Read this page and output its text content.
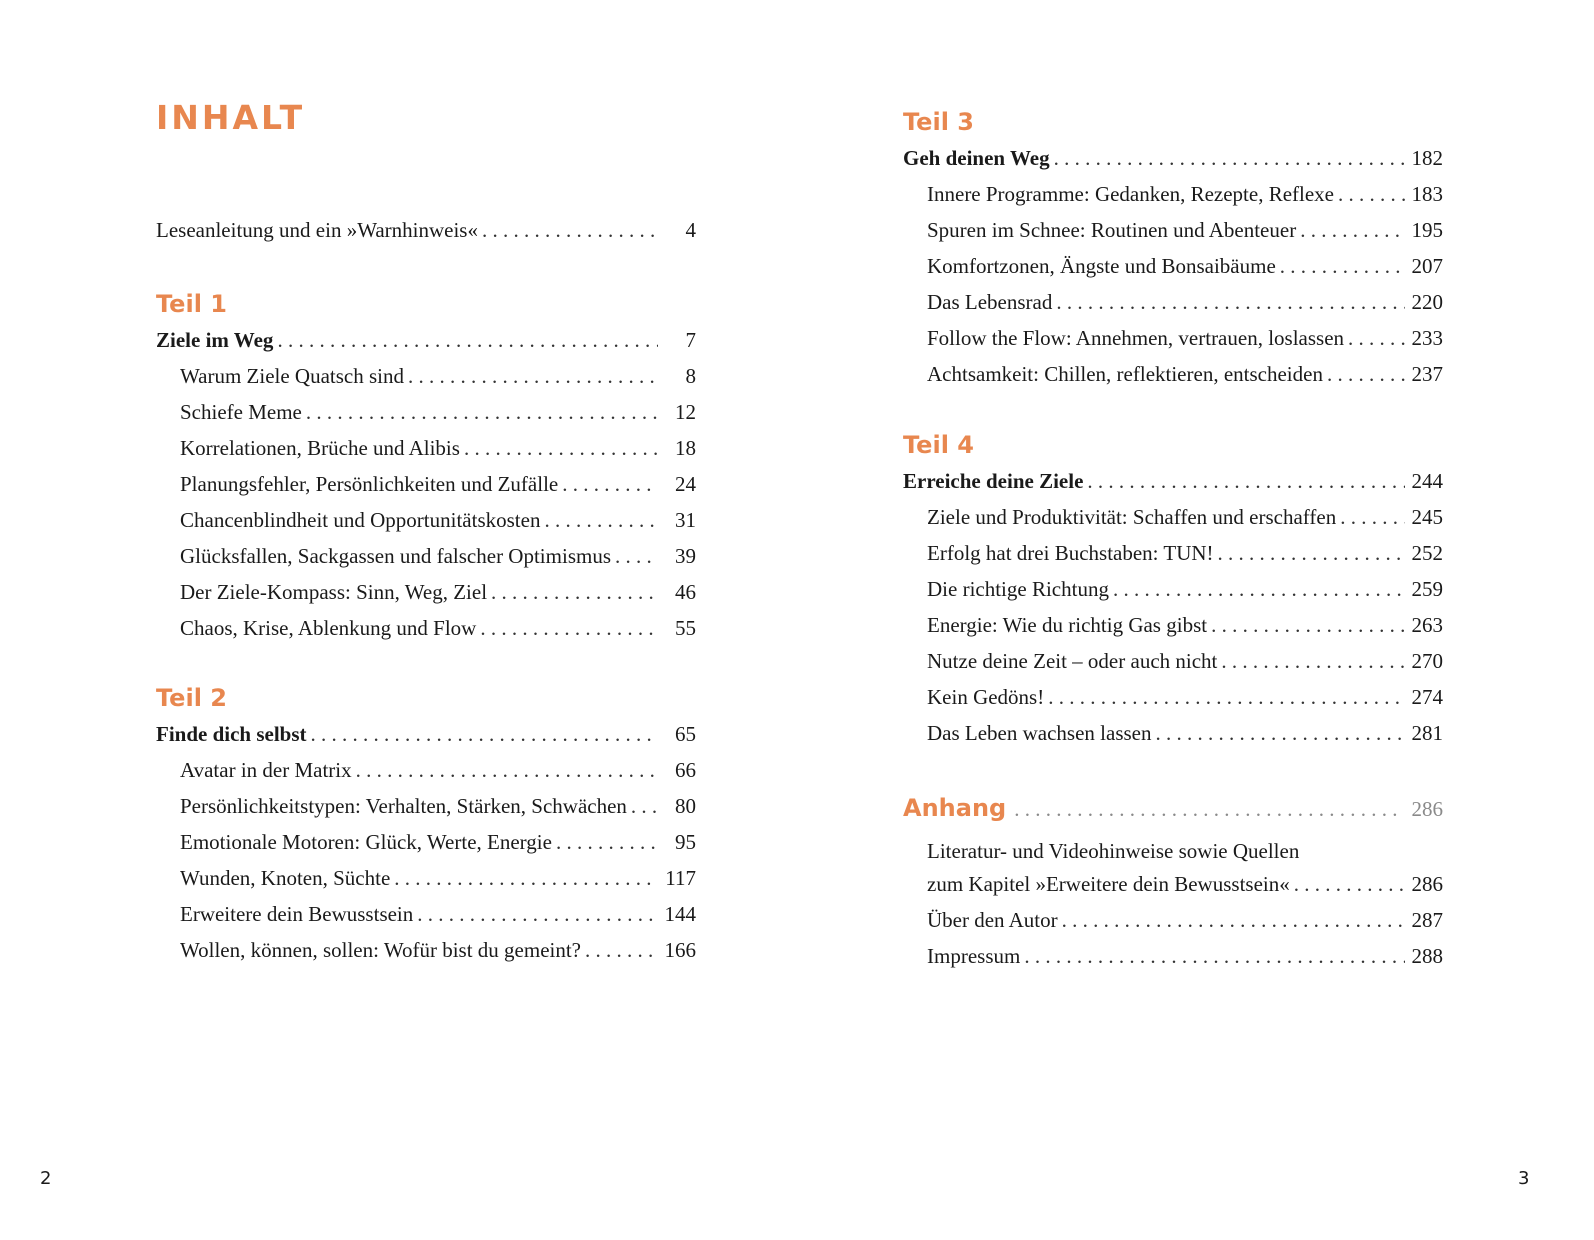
INHALT
Leseanleitung und ein »Warnhinweis« . . .	4
Teil 1
Ziele im Weg . . .	7
Warum Ziele Quatsch sind . . .	8
Schiefe Meme . . .	12
Korrelationen, Brüche und Alibis . . .	18
Planungsfehler, Persönlichkeiten und Zufälle . . .	24
Chancenblindheit und Opportunitätskosten . . .	31
Glücksfallen, Sackgassen und falscher Optimismus . . .	39
Der Ziele-Kompass: Sinn, Weg, Ziel . . .	46
Chaos, Krise, Ablenkung und Flow . . .	55
Teil 2
Finde dich selbst . . .	65
Avatar in der Matrix . . .	66
Persönlichkeitstypen: Verhalten, Stärken, Schwächen . . .	80
Emotionale Motoren: Glück, Werte, Energie . . .	95
Wunden, Knoten, Süchte . . .	117
Erweitere dein Bewusstsein . . .	144
Wollen, können, sollen: Wofür bist du gemeint? . . .	166
Teil 3
Geh deinen Weg . . .	182
Innere Programme: Gedanken, Rezepte, Reflexe . . .	183
Spuren im Schnee: Routinen und Abenteuer . . .	195
Komfortzonen, Ängste und Bonsaibäume . . .	207
Das Lebensrad . . .	220
Follow the Flow: Annehmen, vertrauen, loslassen . . .	233
Achtsamkeit: Chillen, reflektieren, entscheiden . . .	237
Teil 4
Erreiche deine Ziele . . .	244
Ziele und Produktivität: Schaffen und erschaffen . . .	245
Erfolg hat drei Buchstaben: TUN! . . .	252
Die richtige Richtung . . .	259
Energie: Wie du richtig Gas gibst . . .	263
Nutze deine Zeit – oder auch nicht . . .	270
Kein Gedöns! . . .	274
Das Leben wachsen lassen . . .	281
Anhang . . .	286
Literatur- und Videohinweise sowie Quellen
zum Kapitel »Erweitere dein Bewusstsein« . . .	286
Über den Autor . . .	287
Impressum . . .	288
2	3
